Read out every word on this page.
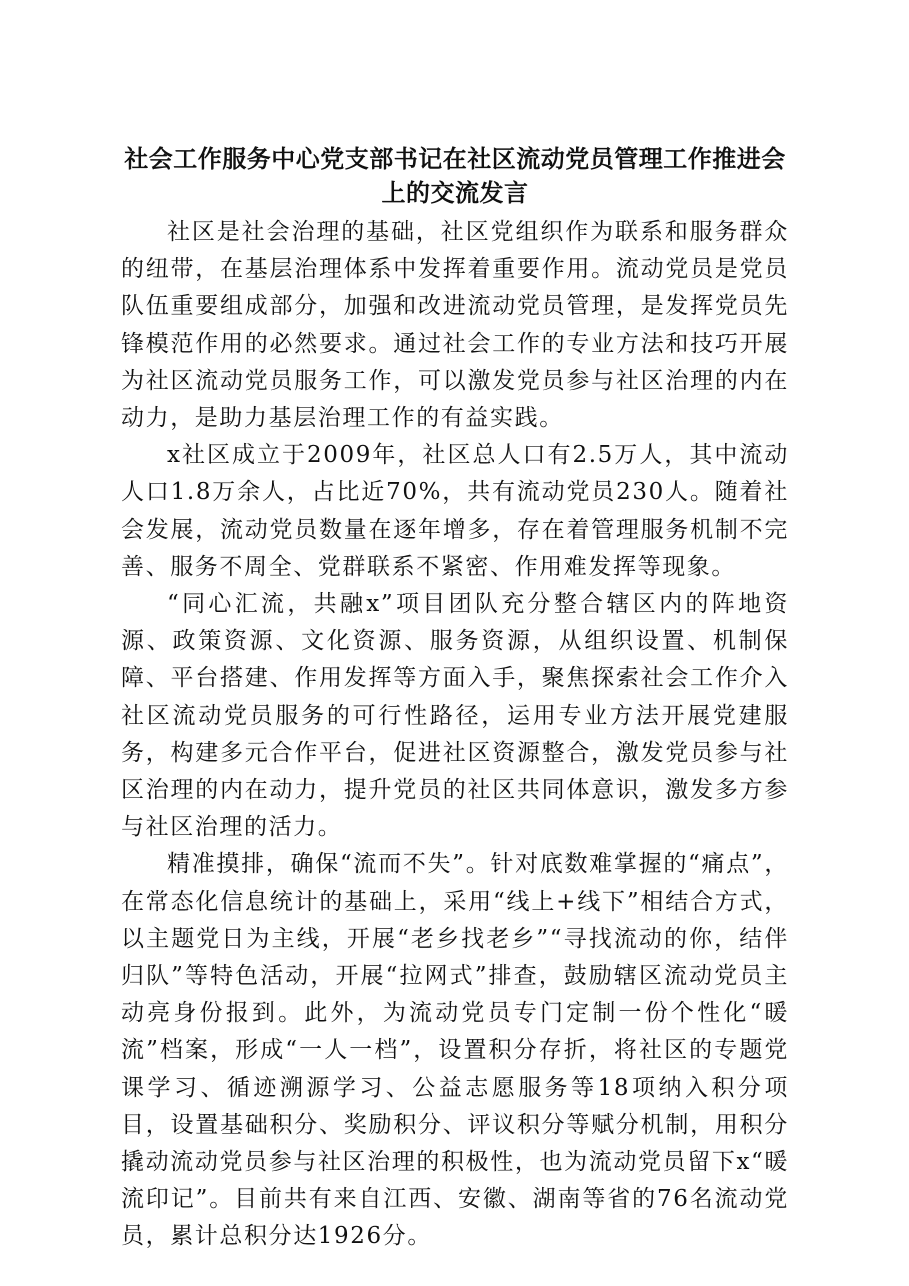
社会工作服务中心党支部书记在社区流动党员管理工作推进会上的交流发言

社区是社会治理的基础，社区党组织作为联系和服务群众的纽带，在基层治理体系中发挥着重要作用。流动党员是党员队伍重要组成部分，加强和改进流动党员管理，是发挥党员先锋模范作用的必然要求。通过社会工作的专业方法和技巧开展为社区流动党员服务工作，可以激发党员参与社区治理的内在动力，是助力基层治理工作的有益实践。

x社区成立于2009年，社区总人口有2.5万人，其中流动人口1.8万余人，占比近70%，共有流动党员230人。随着社会发展，流动党员数量在逐年增多，存在着管理服务机制不完善、服务不周全、党群联系不紧密、作用难发挥等现象。

“同心汇流，共融x”项目团队充分整合辖区内的阵地资源、政策资源、文化资源、服务资源，从组织设置、机制保障、平台搭建、作用发挥等方面入手，聚焦探索社会工作介入社区流动党员服务的可行性路径，运用专业方法开展党建服务，构建多元合作平台，促进社区资源整合，激发党员参与社区治理的内在动力，提升党员的社区共同体意识，激发多方参与社区治理的活力。

精准摸排，确保“流而不失”。针对底数难掌握的“痛点”，在常态化信息统计的基础上，采用“线上+线下”相结合方式，以主题党日为主线，开展“老乡找老乡”“寻找流动的你，结伴归队”等特色活动，开展“拉网式”排查，鼓励辖区流动党员主动亮身份报到。此外，为流动党员专门定制一份个性化“暖流”档案，形成“一人一档”，设置积分存折，将社区的专题党课学习、循迹溯源学习、公益志愿服务等18项纳入积分项目，设置基础积分、奖励积分、评议积分等赋分机制，用积分撬动流动党员参与社区治理的积极性，也为流动党员留下x“暖流印记”。目前共有来自江西、安徽、湖南等省的76名流动党员，累计总积分达1926分。
